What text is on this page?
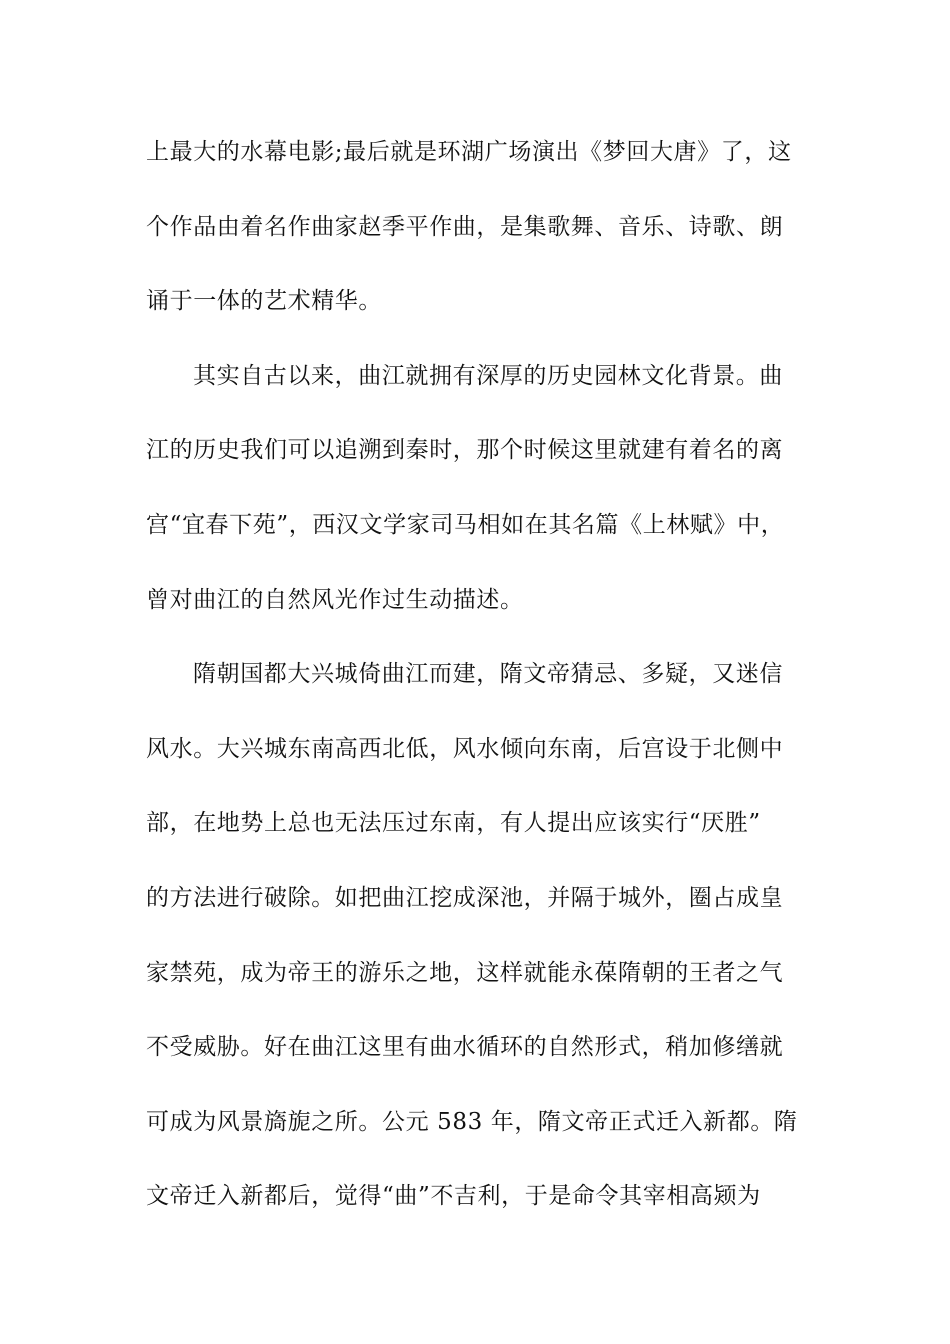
上最大的水幕电影;最后就是环湖广场演出《梦回大唐》了，这
个作品由着名作曲家赵季平作曲，是集歌舞、音乐、诗歌、朗
诵于一体的艺术精华。
其实自古以来，曲江就拥有深厚的历史园林文化背景。曲
江的历史我们可以追溯到秦时，那个时候这里就建有着名的离
宫“宜春下苑”，西汉文学家司马相如在其名篇《上林赋》中，
曾对曲江的自然风光作过生动描述。
隋朝国都大兴城倚曲江而建，隋文帝猜忌、多疑，又迷信
风水。大兴城东南高西北低，风水倾向东南，后宫设于北侧中
部，在地势上总也无法压过东南，有人提出应该实行“厌胜”
的方法进行破除。如把曲江挖成深池，并隔于城外，圈占成皇
家禁苑，成为帝王的游乐之地，这样就能永葆隋朝的王者之气
不受威胁。好在曲江这里有曲水循环的自然形式，稍加修缮就
可成为风景旖旎之所。公元 583 年，隋文帝正式迁入新都。隋
文帝迁入新都后，觉得“曲”不吉利，于是命令其宰相高颎为
